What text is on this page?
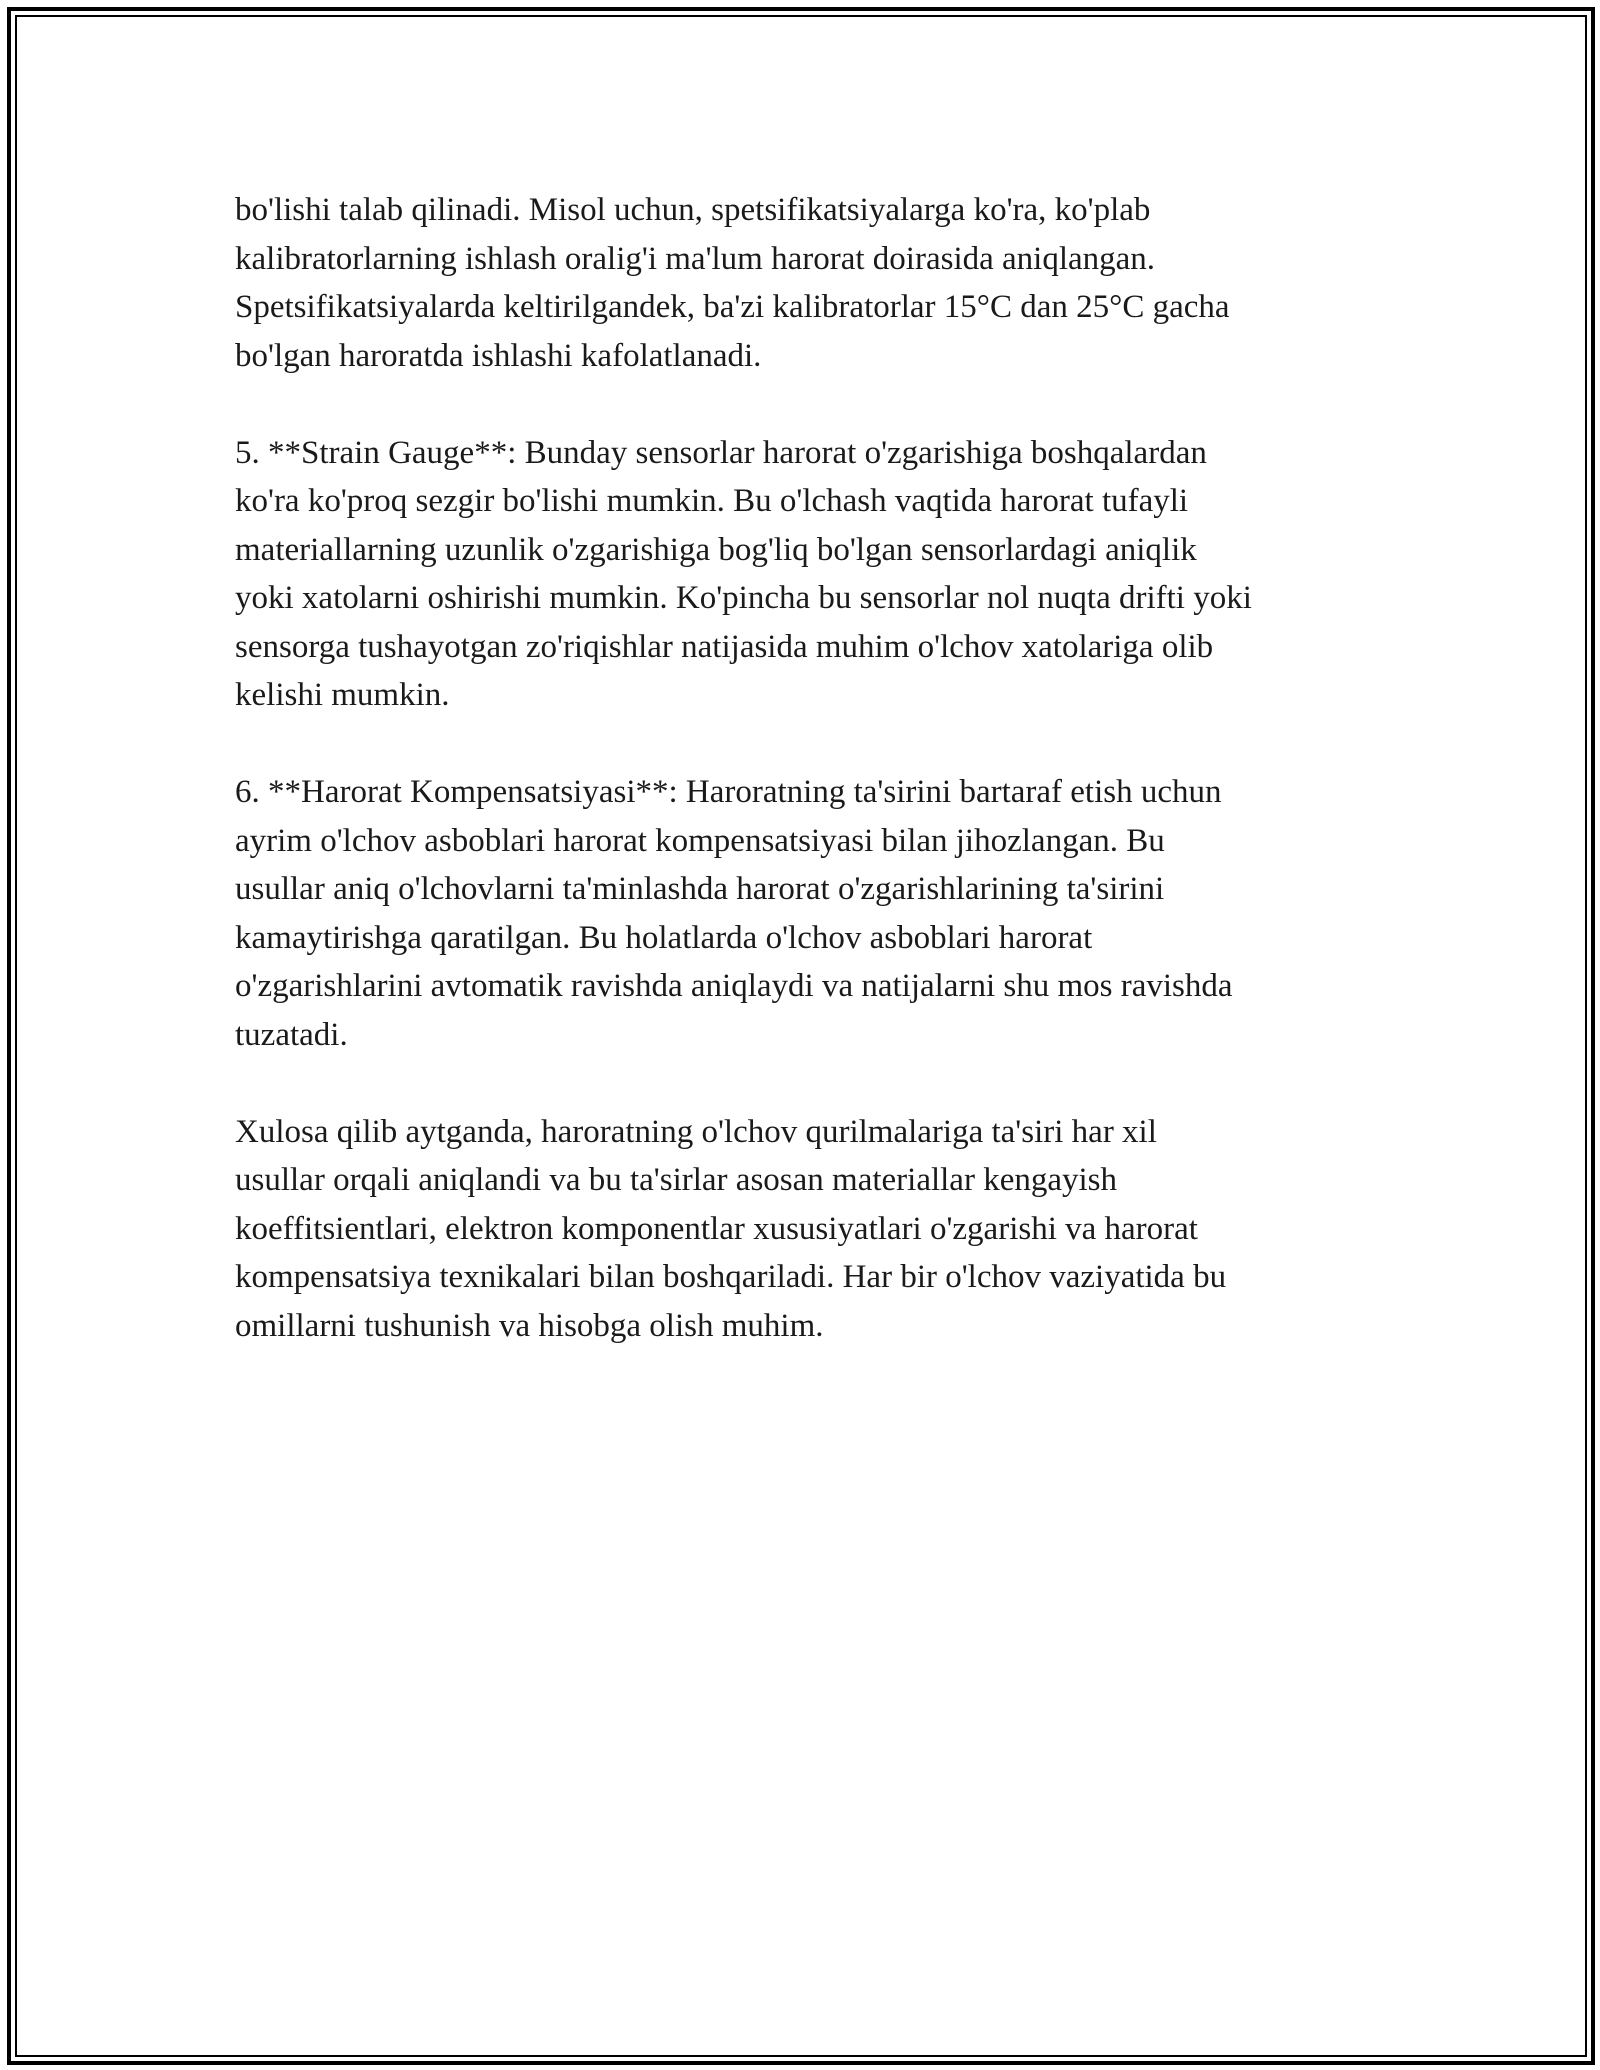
bo'lishi talab qilinadi. Misol uchun, spetsifikatsiyalarga ko'ra, ko'plab
kalibratorlarning ishlash oralig'i ma'lum harorat doirasida aniqlangan.
Spetsifikatsiyalarda keltirilgandek, ba'zi kalibratorlar 15°C dan 25°C gacha
bo'lgan haroratda ishlashi kafolatlanadi.

5. **Strain Gauge**: Bunday sensorlar harorat o'zgarishiga boshqalardan
ko'ra ko'proq sezgir bo'lishi mumkin. Bu o'lchash vaqtida harorat tufayli
materiallarning uzunlik o'zgarishiga bog'liq bo'lgan sensorlardagi aniqlik
yoki xatolarni oshirishi mumkin. Ko'pincha bu sensorlar nol nuqta drifti yoki
sensorga tushayotgan zo'riqishlar natijasida muhim o'lchov xatolariga olib
kelishi mumkin.

6. **Harorat Kompensatsiyasi**: Haroratning ta'sirini bartaraf etish uchun
ayrim o'lchov asboblari harorat kompensatsiyasi bilan jihozlangan. Bu
usullar aniq o'lchovlarni ta'minlashda harorat o'zgarishlarining ta'sirini
kamaytirishga qaratilgan. Bu holatlarda o'lchov asboblari harorat
o'zgarishlarini avtomatik ravishda aniqlaydi va natijalarni shu mos ravishda
tuzatadi.

Xulosa qilib aytganda, haroratning o'lchov qurilmalariga ta'siri har xil
usullar orqali aniqlandi va bu ta'sirlar asosan materiallar kengayish
koeffitsientlari, elektron komponentlar xususiyatlari o'zgarishi va harorat
kompensatsiya texnikalari bilan boshqariladi. Har bir o'lchov vaziyatida bu
omillarni tushunish va hisobga olish muhim.
